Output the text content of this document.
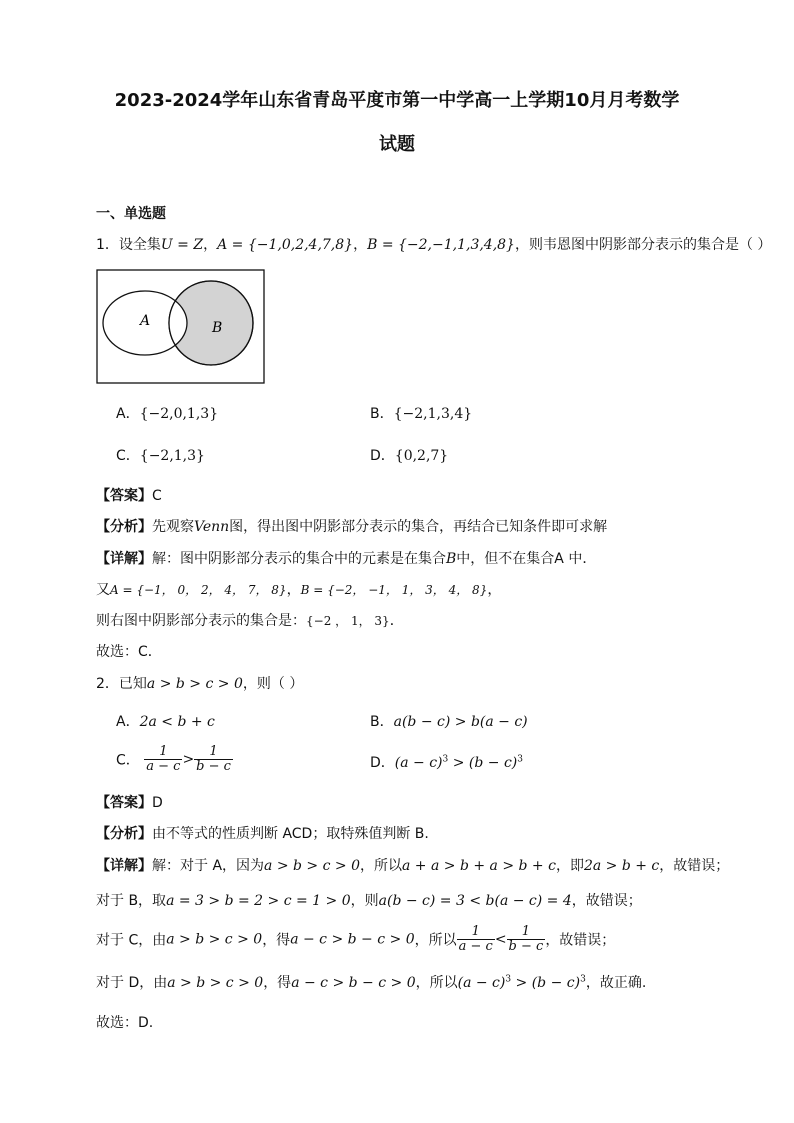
2023-2024学年山东省青岛平度市第一中学高一上学期10月月考数学
试题
一、单选题
1．设全集U = Z，A = {−1,0,2,4,7,8}，B = {−2,−1,1,3,4,8}，则韦恩图中阴影部分表示的集合是（ ）
A	B
A．{−2,0,1,3}	B．{−2,1,3,4}
C．{−2,1,3}	D．{0,2,7}
【答案】C
【分析】先观察Venn图，得出图中阴影部分表示的集合，再结合已知条件即可求解
【详解】解：图中阴影部分表示的集合中的元素是在集合B中，但不在集合A 中．
又A = {−1， 0， 2， 4， 7， 8}，B = {−2， −1， 1， 3， 4， 8}，
则右图中阴影部分表示的集合是：{−2 ， 1， 3}．
故选：C．
2．已知a > b > c > 0，则（ ）
A．2a < b + c	B．a(b − c) > b(a − c)
C． $\frac{1}{a - c} > \frac{1}{b - c}$	D．$(a - c)^3 > (b - c)^3$
【答案】D
【分析】由不等式的性质判断 ACD；取特殊值判断 B.
【详解】解：对于 A，因为a > b > c > 0，所以a + a > b + a > b + c，即2a > b + c，故错误；
对于 B，取a = 3 > b = 2 > c = 1 > 0，则a(b − c) = 3 < b(a − c) = 4，故错误；
对于 C，由a > b > c > 0，得a − c > b − c > 0，所以 $\frac{1}{a - c} < \frac{1}{b - c}$ ，故错误；
对于 D，由a > b > c > 0，得a − c > b − c > 0，所以$(a - c)^3 > (b - c)^3$，故正确.
故选：D.
